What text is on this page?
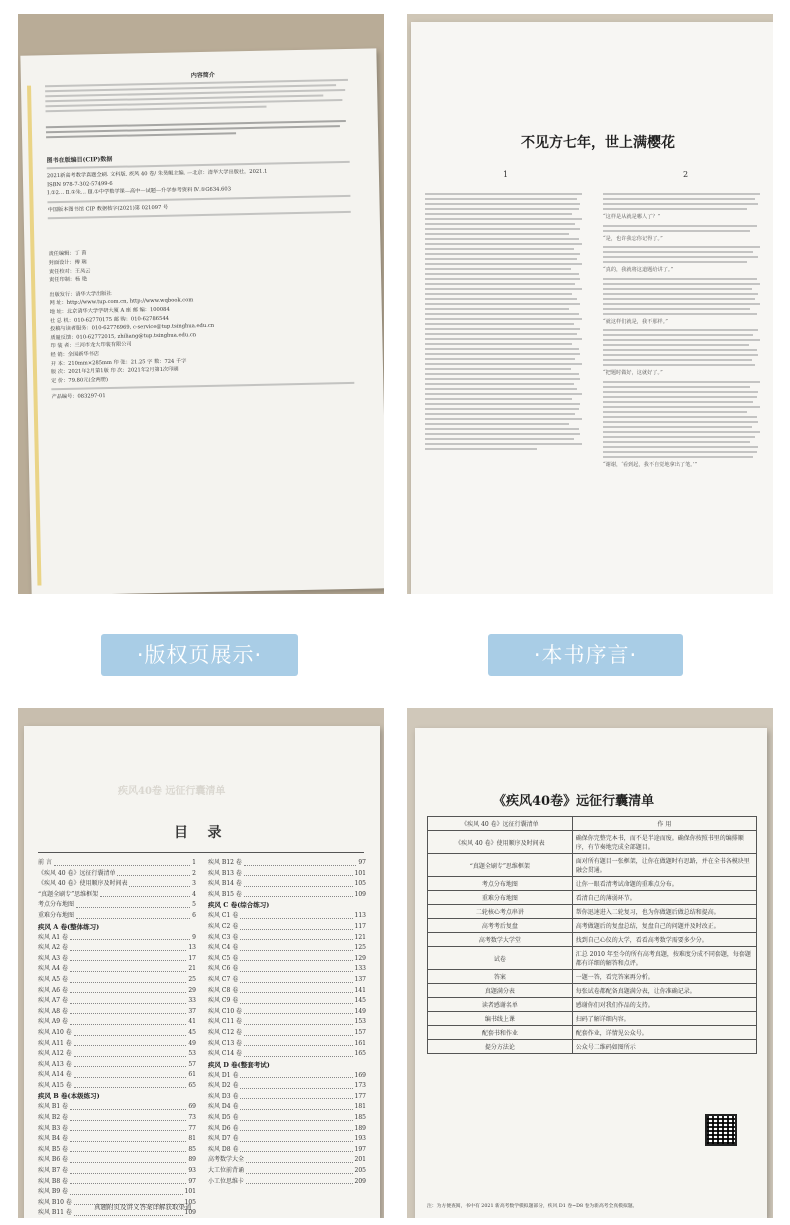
内容简介
图书在版编目(CIP)数据
2021新高考数学真题全刷. 文科版. 疾风 40 卷/ 朱昊鲲主编. —北京：清华大学出版社，2021.1
ISBN 978-7-302-57499-6
Ⅰ.①2… Ⅱ.①朱… Ⅲ.①中学数学课—高中—试题—升学参考资料 Ⅳ.①G634.603
中国版本图书馆 CIP 数据核字(2021)第 021097 号
责任编辑：丁 茵
封面设计：傅 瑞
责任校对：王凤云
责任印制：杨 艳
出版发行：清华大学出版社
网 址：http://www.tup.com.cn, http://www.wqbook.com
地 址：北京清华大学学研大厦 A 座 邮 编：100084
社 总 机：010-62770175 邮 购：010-62786544
投稿与读者服务：010-62776969, c-service@tup.tsinghua.edu.cn
质量反馈：010-62772015, zhiliang@tup.tsinghua.edu.cn
印 装 者：三河市龙大印装有限公司
经 销：全国新华书店
开 本：210mm×285mm 印 张：21.25 字 数：724 千字
版 次：2021年2月第1版 印 次：2021年2月第1次印刷
定 价：79.80元(全两册)
产品编号：083297-01
不见方七年，世上满樱花
1	2
“这样是从就是哪人了？”
“是，也许我忘你记得了。”
“真的，我就将这道题给讲了。”
“就这样们就是，我不那样。”
“把题时做好，这就好了。”
“谢谢，‘看到起，我不自觉地拿出了笔。’”
·版权页展示·	·本书序言·
疾风40卷 远征行囊清单
目    录
前 言	1
《疾风 40 卷》远征行囊清单	2
《疾风 40 卷》使用顺序及时间表	3
“真题全刷专”思维框架	4
考点分布地图	5
重难分布地图	6
疾风 A 卷(整体练习)
疾风 A1 卷	9
疾风 A2 卷	13
疾风 A3 卷	17
疾风 A4 卷	21
疾风 A5 卷	25
疾风 A6 卷	29
疾风 A7 卷	33
疾风 A8 卷	37
疾风 A9 卷	41
疾风 A10 卷	45
疾风 A11 卷	49
疾风 A12 卷	53
疾风 A13 卷	57
疾风 A14 卷	61
疾风 A15 卷	65
疾风 B 卷(本级练习)
疾风 B1 卷	69
疾风 B2 卷	73
疾风 B3 卷	77
疾风 B4 卷	81
疾风 B5 卷	85
疾风 B6 卷	89
疾风 B7 卷	93
疾风 B8 卷	97
疾风 B9 卷	101
疾风 B10 卷	105
疾风 B11 卷	109
疾风 B12 卷	97
疾风 B13 卷	101
疾风 B14 卷	105
疾风 B15 卷	109
疾风 C 卷(综合练习)
疾风 C1 卷	113
疾风 C2 卷	117
疾风 C3 卷	121
疾风 C4 卷	125
疾风 C5 卷	129
疾风 C6 卷	133
疾风 C7 卷	137
疾风 C8 卷	141
疾风 C9 卷	145
疾风 C10 卷	149
疾风 C11 卷	153
疾风 C12 卷	157
疾风 C13 卷	161
疾风 C14 卷	165
疾风 D 卷(整套考试)
疾风 D1 卷	169
疾风 D2 卷	173
疾风 D3 卷	177
疾风 D4 卷	181
疾风 D5 卷	185
疾风 D6 卷	189
疾风 D7 卷	193
疾风 D8 卷	197
高考数学大全	201
大工位前背诵	205
小工位思维卡	209
真题附页及讲义答案详解获取渠道
《疾风40卷》远征行囊清单
《疾风 40 卷》远征行囊清单	作 用
《疾风 40 卷》使用顺序及时间表	确保你完整完本书，而不是半途而废。确保你按照书里的编排顺序，有节奏地完成全部题目。
“真题全刷专”思维框架	面对所有题目一张框架，让你在做题时有思路，并在全书各模块里融会贯通。
考点分布地图	让你一眼看清考试命题的重难点分布。
重难分布地图	看清自己的薄弱环节。
二轮核心考点串讲	帮你迅速进入二轮复习，也为你做题后做总结和提高。
高考考后复盘	高考做题后的复盘总结，复盘自己的问题并及时改正。
高考数学大学堂	找到自己心仪的大学，看看高考数学需要多少分。
试卷	汇总 2010 年至今的所有高考真题，按难度分成不同套题，每套题都有详细的解答和点评。
答案	一题一答，看完答案再分析。
真题满分表	每张试卷都配备真题满分表，让你准确记录。
读者感谢名单	感谢你们对我们作品的支持。
编书线上课	扫码了解详细内容。
配套书和作业	配套作业，详情见公众号。
提分方法论	公众号二维码如图所示
注：为方便查阅，书中有 2021 新高考数学模拟题部分，疾风 D1 卷~D8 卷为新高考全真模拟题。
